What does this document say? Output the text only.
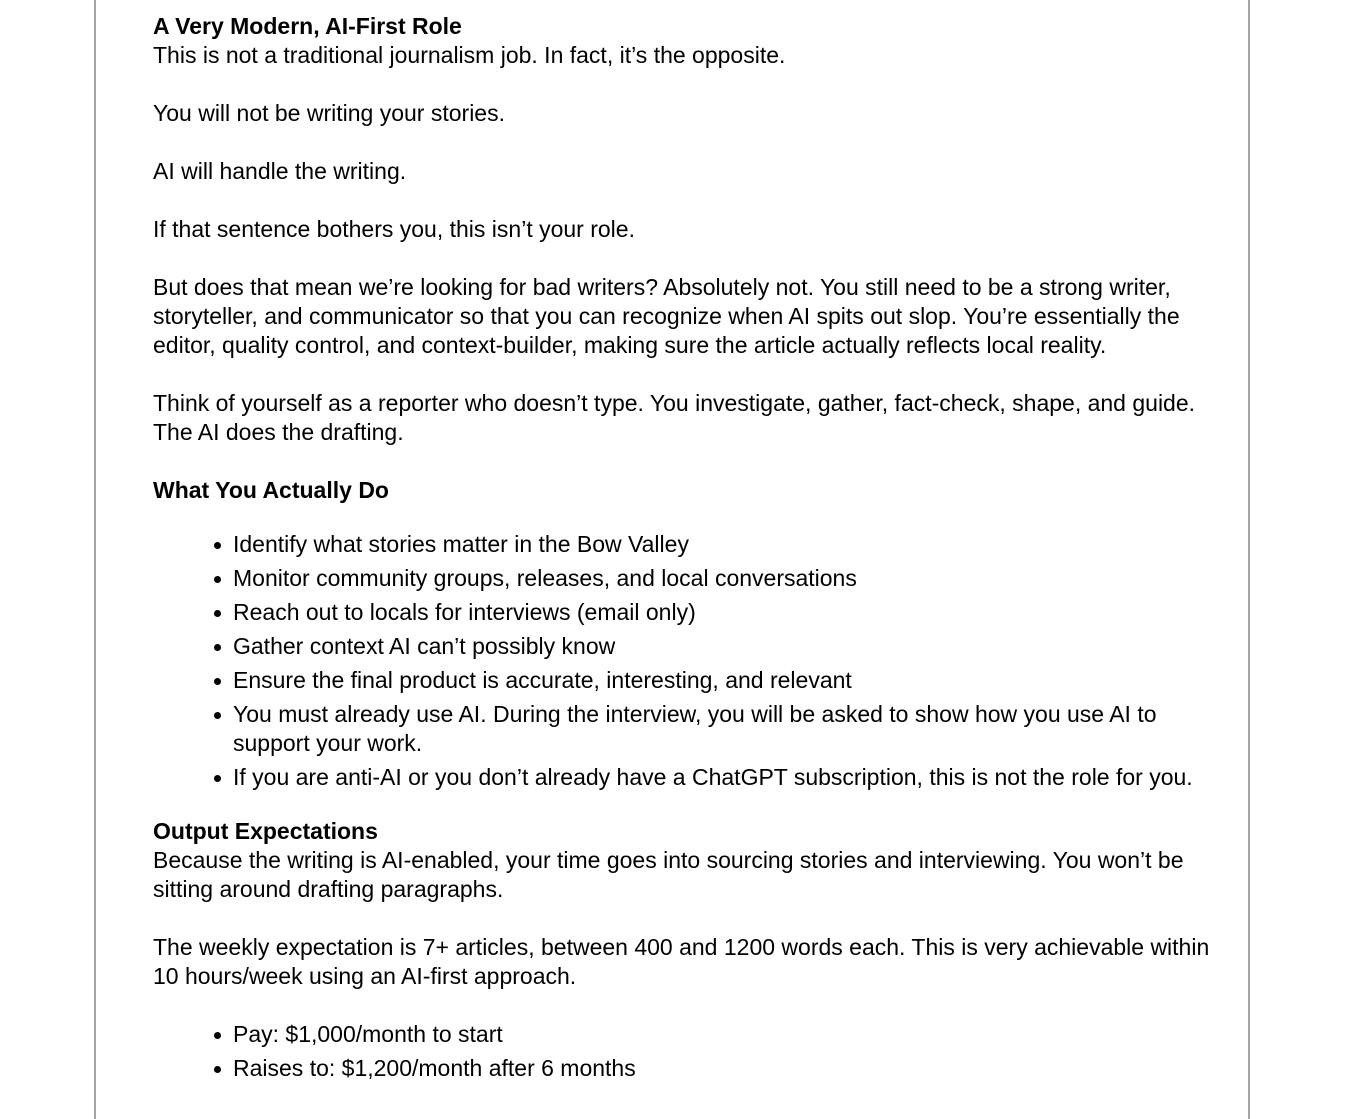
A Very Modern, AI-First Role

This is not a traditional journalism job. In fact, it’s the opposite.

You will not be writing your stories.

AI will handle the writing.

If that sentence bothers you, this isn’t your role.

But does that mean we’re looking for bad writers? Absolutely not. You still need to be a strong writer, storyteller, and communicator so that you can recognize when AI spits out slop. You’re essentially the editor, quality control, and context-builder, making sure the article actually reflects local reality.

Think of yourself as a reporter who doesn’t type. You investigate, gather, fact-check, shape, and guide. The AI does the drafting.

What You Actually Do
Identify what stories matter in the Bow Valley
Monitor community groups, releases, and local conversations
Reach out to locals for interviews (email only)
Gather context AI can’t possibly know
Ensure the final product is accurate, interesting, and relevant
You must already use AI. During the interview, you will be asked to show how you use AI to support your work.
If you are anti-AI or you don’t already have a ChatGPT subscription, this is not the role for you.
Output Expectations

Because the writing is AI-enabled, your time goes into sourcing stories and interviewing. You won’t be sitting around drafting paragraphs.

The weekly expectation is 7+ articles, between 400 and 1200 words each. This is very achievable within 10 hours/week using an AI-first approach.

Pay: $1,000/month to start
Raises to: $1,200/month after 6 months
